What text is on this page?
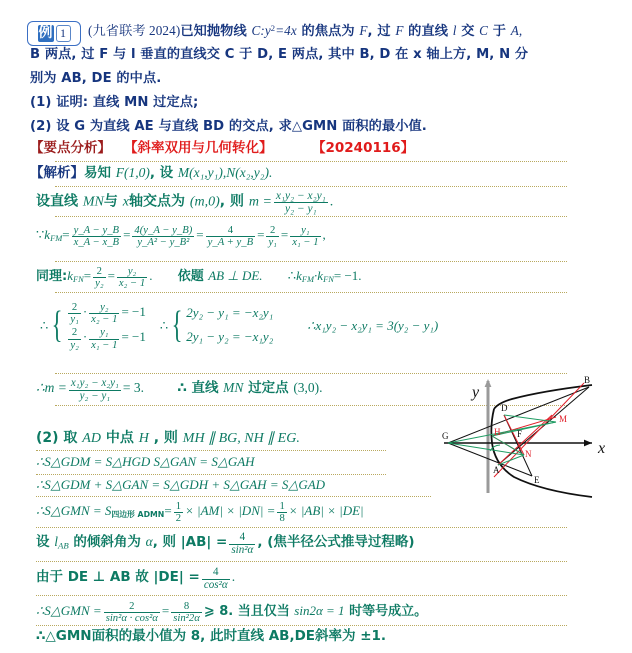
例 1	(九省联考 2024)已知抛物线 $C:y^2=4x$ 的焦点为 F, 过 F 的直线 l 交 C 于 A,
B 两点, 过 F 与 l 垂直的直线交 C 于 D, E 两点, 其中 B, D 在 x 轴上方, M, N 分
别为 AB, DE 的中点.
(1) 证明: 直线 MN 过定点;
(2) 设 G 为直线 AE 与直线 BD 的交点, 求△GMN 面积的最小值.
【要点分析】 【斜率双用与几何转化】	【20240116】
【解析】易知 F(1,0), 设 M(x₁,y₁),N(x₂,y₂).
设直线 MN与 x轴交点为 (m,0), 则 $m = \frac{\text{x₁y₂ − x₂y₁}}{\text{y₂ − y₁}}$ .
$\because k_{FM}= \frac{y\_A - y\_B}{x\_A - x\_B} = \frac{4(y\_A - y\_B)}{\text{y\_A² − y\_B²}} = \frac{4}{y\_A + y\_B} = \frac{2}{\text{y₁}} = \frac{\text{y₁}}{\text{x₁ − 1}}$ ,
同理$:k_{FN}= \frac{2}{\text{y₂}} = \frac{\text{y₂}}{\text{x₂ − 1}}$ . 依题 AB ⊥ DE. $\therefore k_{FM}\cdot k_{FN}= -1$.
∴ { $\frac{2}{\text{y₁}} \cdot \frac{\text{y₂}}{\text{x₂ − 1}} = -1$
$\frac{2}{\text{y₂}} \cdot \frac{\text{y₁}}{\text{x₁ − 1}} = -1$
∴ { 2y₂ − y₁ = −x₂y₁
2y₁ − y₂ = −x₁y₂
∴x₁y₂ − x₂y₁ = 3(y₂ − y₁)
∴m = $\frac{\text{x₁y₂ − x₂y₁}}{\text{y₂ − y₁}} = 3$. ∴ 直线 MN 过定点 (3,0).
(2) 取 AD 中点 H , 则 MH ∥ BG, NH ∥ EG.
∴S△GDM = S△HGD S△GAN = S△GAH
∴S△GDM + S△GAN = S△GDH + S△GAH = S△GAD
∴S△GMN = $S_{四边形 ADMN}= \frac{1}{2} \times |AM| \times |DN| = \frac{1}{8} \times |AB| \times |DE|$
设 $l_{AB}$ 的倾斜角为 α, 则 $|AB| = \frac{4}{\text{sin²α}}$ , (焦半径公式推导过程略)
由于 DE ⊥ AB 故 $|DE| = \frac{4}{\text{cos²α}}$ .
∴S△GMN = $\frac{2}{\text{sin²α · cos²α}} = \frac{8}{\text{sin²2α}}$ ⩾ 8. 当且仅当 sin2α = 1 时等号成立。
∴△GMN面积的最小值为 8, 此时直线 AB,DE斜率为 ±1.
x
y
G
D
H F
M
B
A
N
E
